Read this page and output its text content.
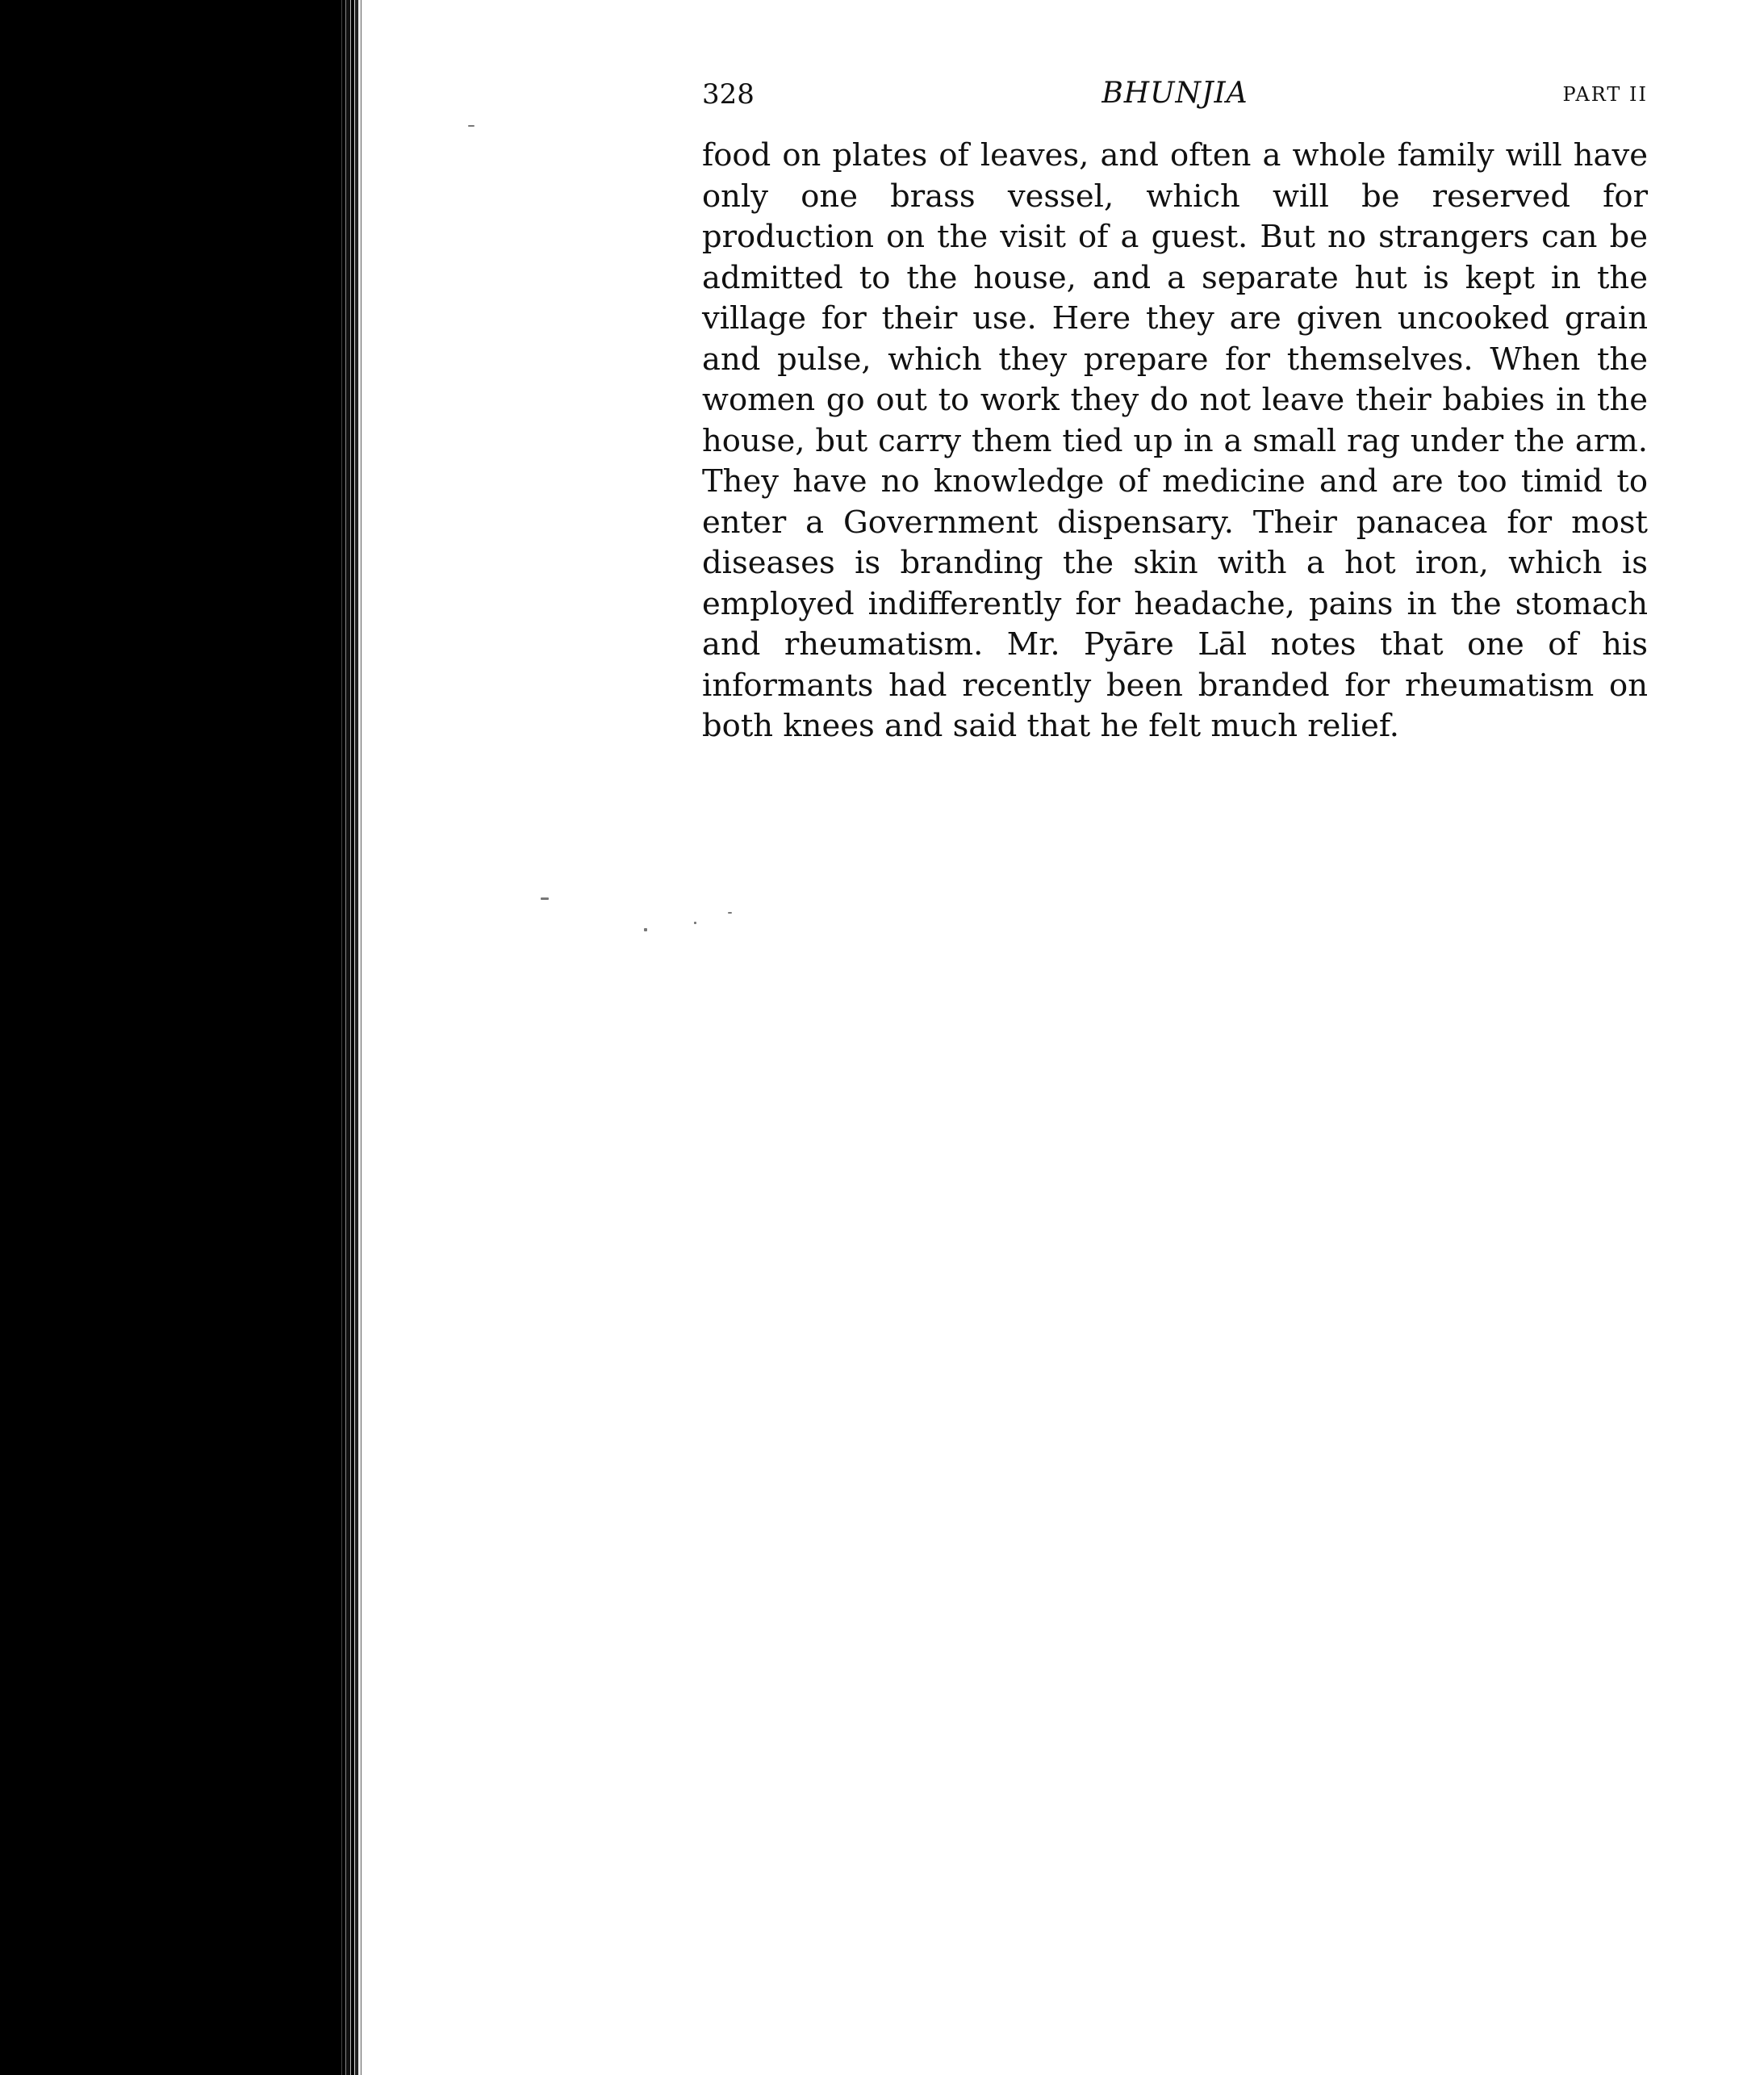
328	BHUNJIA	PART II

food on plates of leaves, and often a whole family will have only one brass vessel, which will be reserved for production on the visit of a guest. But no strangers can be admitted to the house, and a separate hut is kept in the village for their use. Here they are given uncooked grain and pulse, which they prepare for themselves. When the women go out to work they do not leave their babies in the house, but carry them tied up in a small rag under the arm. They have no knowledge of medicine and are too timid to enter a Government dispensary. Their panacea for most diseases is branding the skin with a hot iron, which is employed indifferently for headache, pains in the stomach and rheumatism. Mr. Pyāre Lāl notes that one of his informants had recently been branded for rheumatism on both knees and said that he felt much relief.
